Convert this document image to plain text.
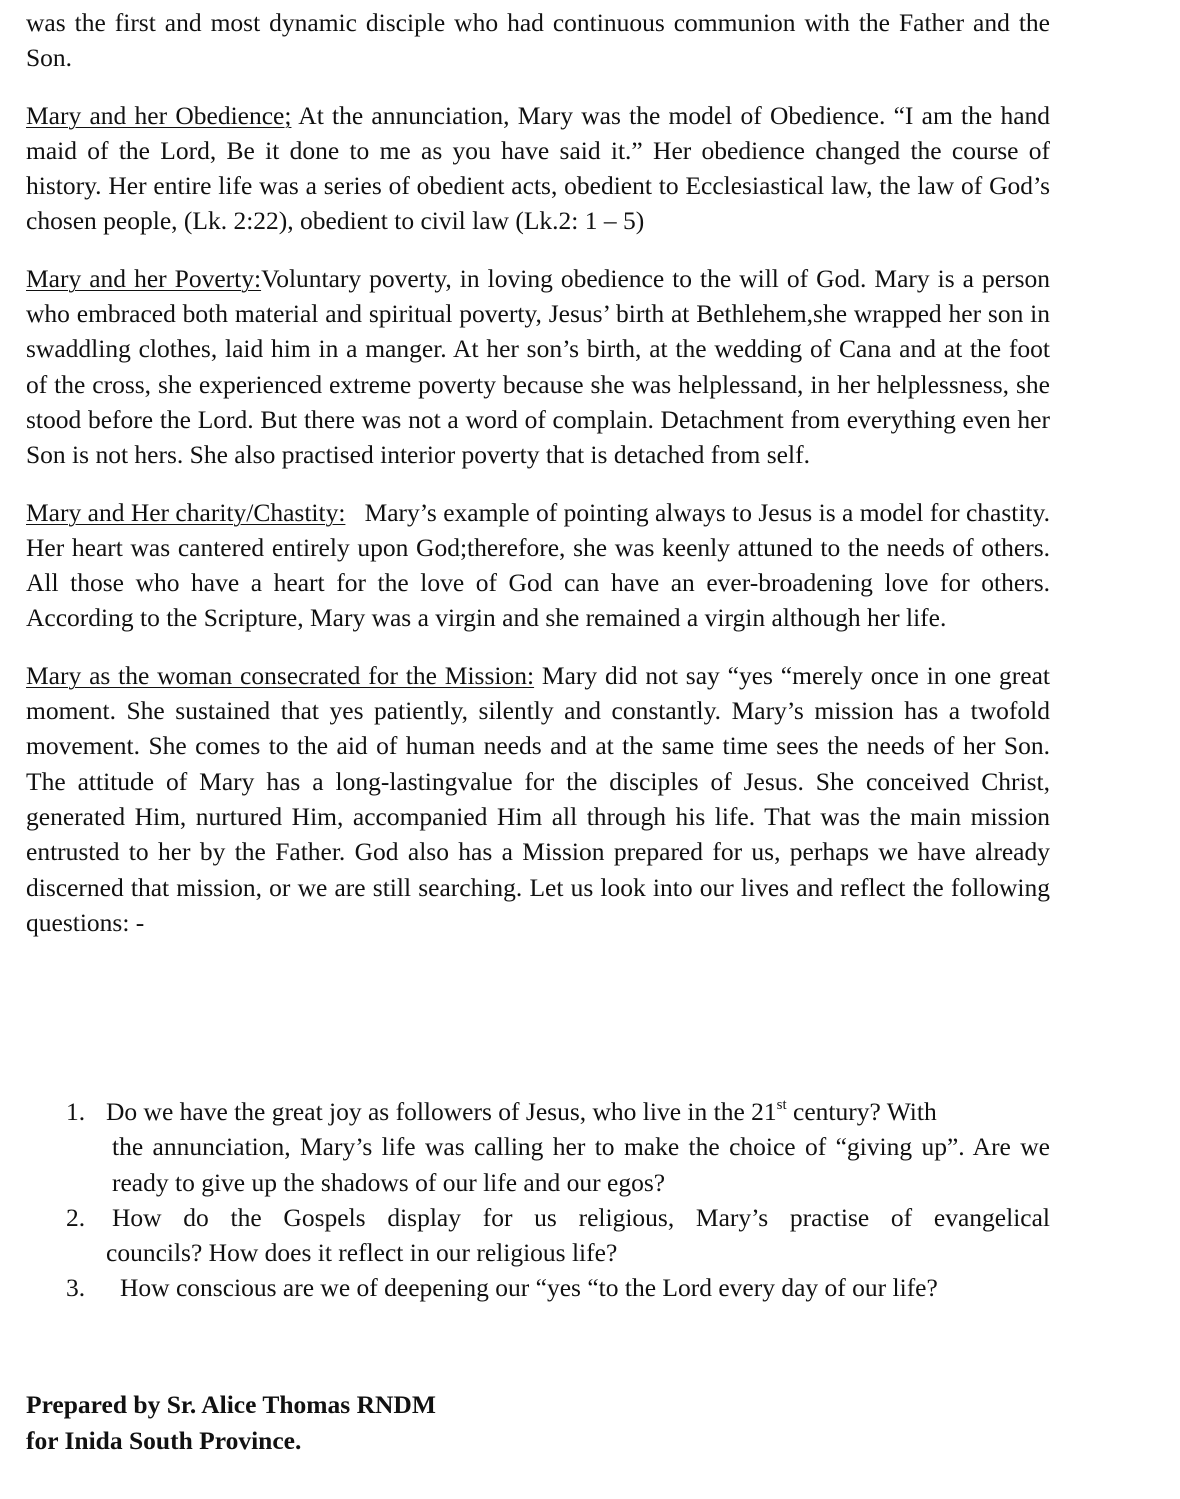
was the first and most dynamic disciple who had continuous communion with the Father and the Son.

Mary and her Obedience; At the annunciation, Mary was the model of Obedience. “I am the hand maid of the Lord, Be it done to me as you have said it.” Her obedience changed the course of history. Her entire life was a series of obedient acts, obedient to Ecclesiastical law, the law of God’s chosen people, (Lk. 2:22), obedient to civil law (Lk.2: 1 – 5)

Mary and her Poverty:Voluntary poverty, in loving obedience to the will of God. Mary is a person who embraced both material and spiritual poverty, Jesus’ birth at Bethlehem,she wrapped her son in swaddling clothes, laid him in a manger. At her son’s birth, at the wedding of Cana and at the foot of the cross, she experienced extreme poverty because she was helplessand, in her helplessness, she stood before the Lord. But there was not a word of complain. Detachment from everything even her Son is not hers. She also practised interior poverty that is detached from self.

Mary and Her charity/Chastity:   Mary’s example of pointing always to Jesus is a model for chastity. Her heart was cantered entirely upon God;therefore, she was keenly attuned to the needs of others. All those who have a heart for the love of God can have an ever-broadening love for others. According to the Scripture, Mary was a virgin and she remained a virgin although her life.

Mary as the woman consecrated for the Mission: Mary did not say “yes “merely once in one great moment. She sustained that yes patiently, silently and constantly. Mary’s mission has a twofold movement. She comes to the aid of human needs and at the same time sees the needs of her Son. The attitude of Mary has a long-lastingvalue for the disciples of Jesus. She conceived Christ, generated Him, nurtured Him, accompanied Him all through his life. That was the main mission entrusted to her by the Father. God also has a Mission prepared for us, perhaps we have already discerned that mission, or we are still searching. Let us look into our lives and reflect the following questions: -

1. Do we have the great joy as followers of Jesus, who live in the 21st century? With
the annunciation, Mary’s life was calling her to make the choice of “giving up”. Are we ready to give up the shadows of our life and our egos?
2. How do the Gospels display for us religious, Mary’s practise of evangelical
councils? How does it reflect in our religious life?
3.	How conscious are we of deepening our “yes “to the Lord every day of our life?
Prepared by Sr. Alice Thomas RNDM
for Inida South Province.
